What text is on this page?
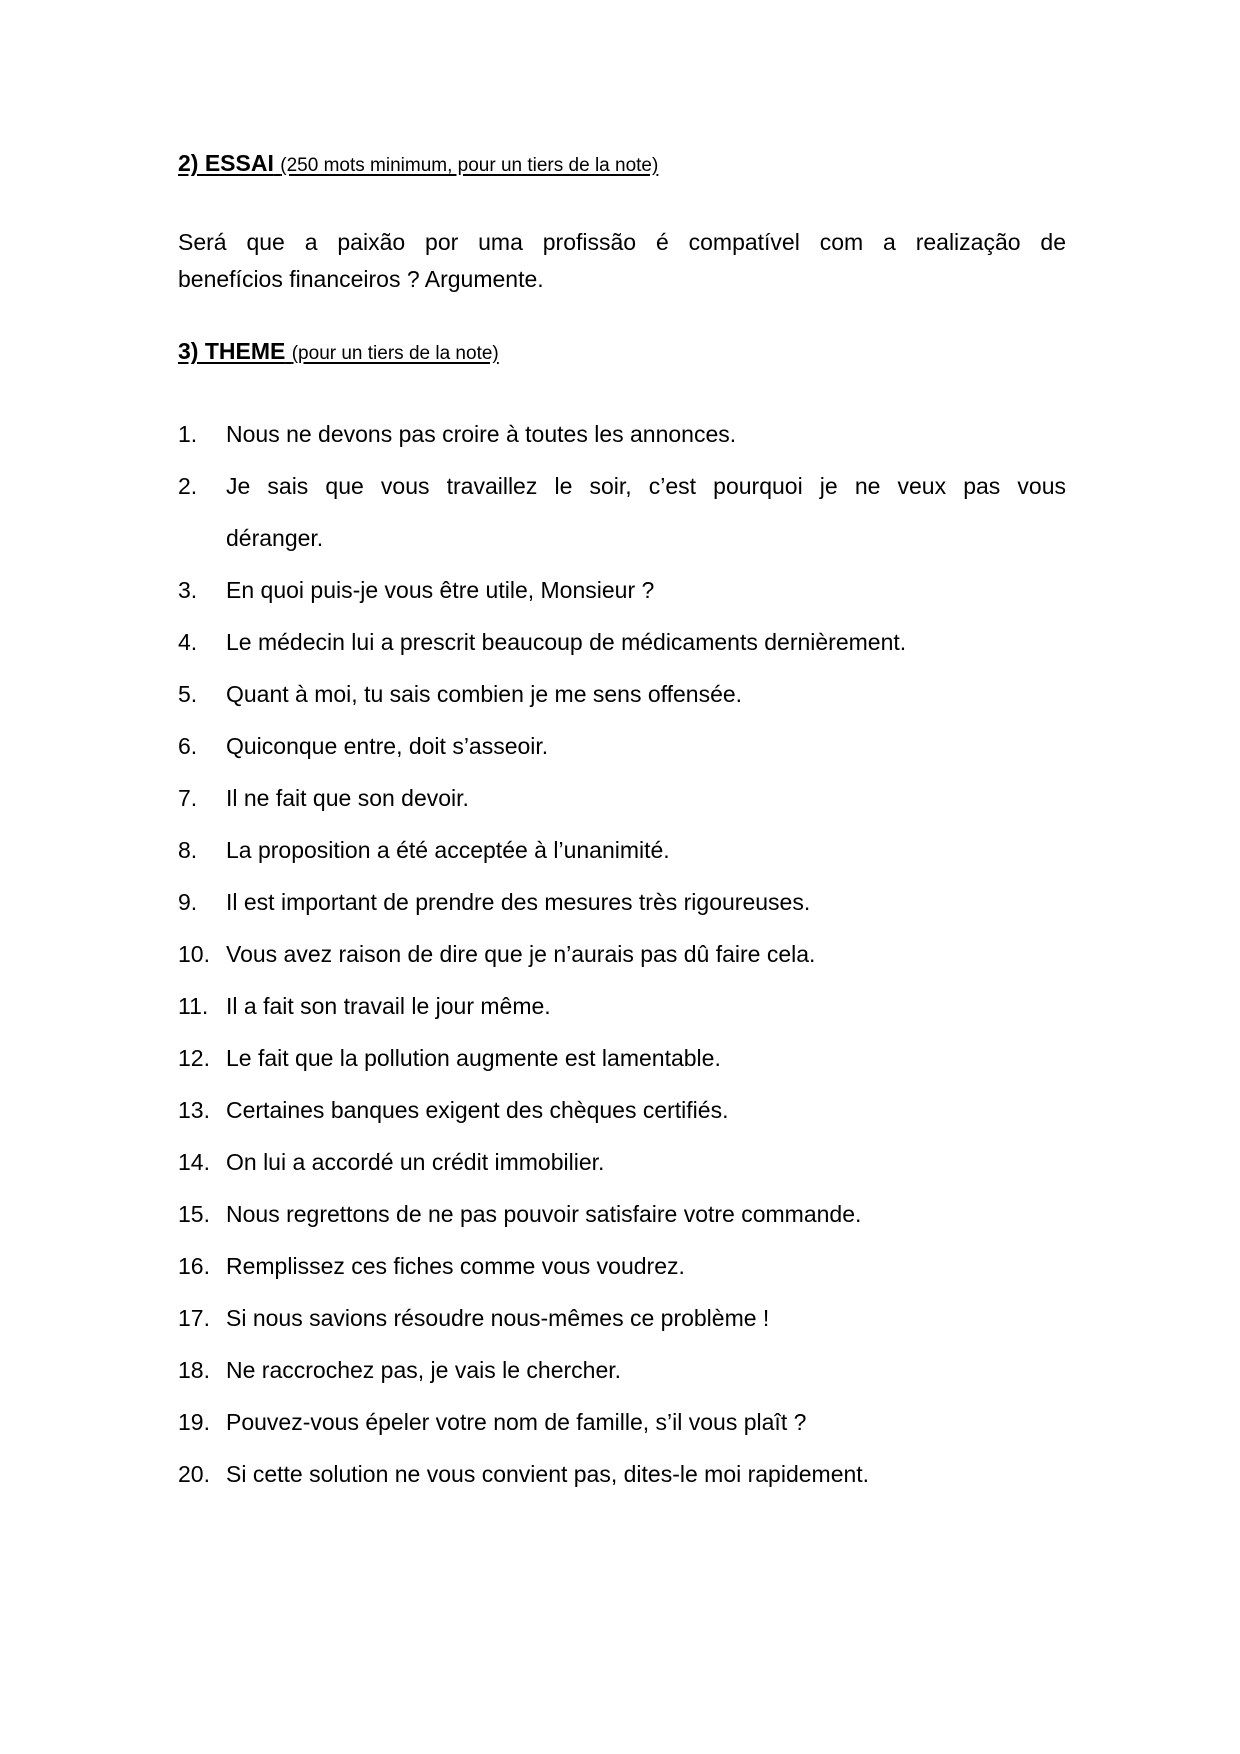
2) ESSAI (250 mots minimum, pour un tiers de la note)
Será que a paixão por uma profissão é compatível com a realização de
benefícios financeiros ? Argumente.
3) THEME (pour un tiers de la note)
1. Nous ne devons pas croire à toutes les annonces.
2. Je sais que vous travaillez le soir, c’est pourquoi je ne veux pas vous
déranger.
3. En quoi puis-je vous être utile, Monsieur ?
4. Le médecin lui a prescrit beaucoup de médicaments dernièrement.
5. Quant à moi, tu sais combien je me sens offensée.
6. Quiconque entre, doit s’asseoir.
7. Il ne fait que son devoir.
8. La proposition a été acceptée à l’unanimité.
9. Il est important de prendre des mesures très rigoureuses.
10. Vous avez raison de dire que je n’aurais pas dû faire cela.
11. Il a fait son travail le jour même.
12. Le fait que la pollution augmente est lamentable.
13. Certaines banques exigent des chèques certifiés.
14. On lui a accordé un crédit immobilier.
15. Nous regrettons de ne pas pouvoir satisfaire votre commande.
16. Remplissez ces fiches comme vous voudrez.
17. Si nous savions résoudre nous-mêmes ce problème !
18. Ne raccrochez pas, je vais le chercher.
19. Pouvez-vous épeler votre nom de famille, s’il vous plaît ?
20. Si cette solution ne vous convient pas, dites-le moi rapidement.
